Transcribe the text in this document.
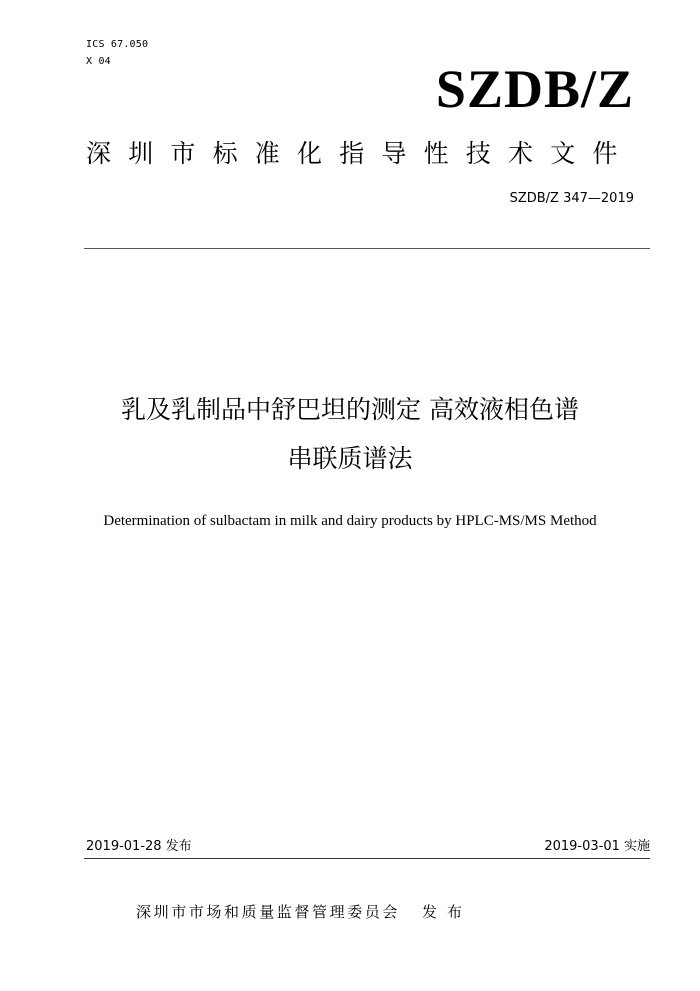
ICS 67.050
X 04	SZDB/Z
深圳市标准化指导性技术文件
SZDB/Z 347—2019
乳及乳制品中舒巴坦的测定 高效液相色谱
串联质谱法
Determination of sulbactam in milk and dairy products by HPLC-MS/MS Method
2019-01-28 发布	2019-03-01 实施
深圳市市场和质量监督管理委员会 发布
